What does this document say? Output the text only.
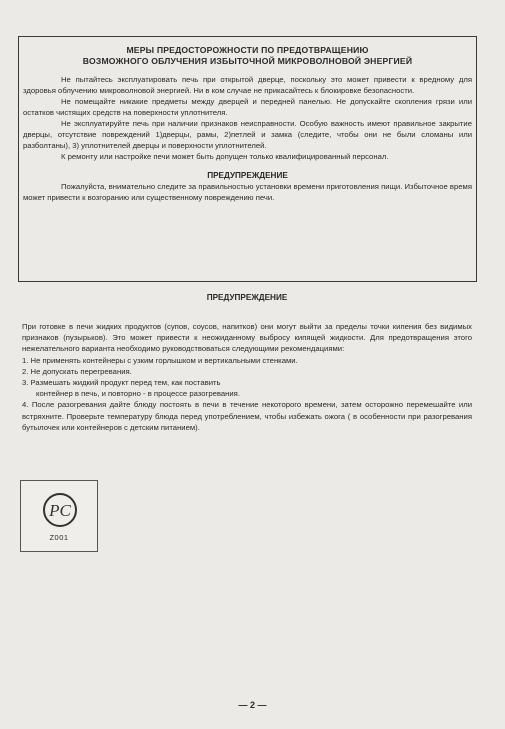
МЕРЫ ПРЕДОСТОРОЖНОСТИ ПО ПРЕДОТВРАЩЕНИЮ
ВОЗМОЖНОГО ОБЛУЧЕНИЯ ИЗБЫТОЧНОЙ МИКРОВОЛНОВОЙ ЭНЕРГИЕЙ

Не пытайтесь эксплуатировать печь при открытой дверце, поскольку это может привести к вредному для здоровья облучению микроволновой энергией. Ни в ком случае не прикасайтесь к блокировке безопасности.

Не помещайте никакие предметы между дверцей и передней панелью. Не допускайте скопления грязи или остатков чистящих средств на поверхности уплотнителя.

Не эксплуатируйте печь при наличии признаков неисправности. Особую важность имеют правильное закрытие дверцы, отсутствие повреждений 1)дверцы, рамы, 2)петлей и замка (следите, чтобы они не были сломаны или разболтаны), 3) уплотнителей дверцы и поверхности уплотнителей.

К ремонту или настройке печи может быть допущен только квалифицированный персонал.

ПРЕДУПРЕЖДЕНИЕ

Пожалуйста, внимательно следите за правильностью установки времени приготовления пищи. Избыточное время может привести к возгоранию или существенному повреждению печи.

ПРЕДУПРЕЖДЕНИЕ

При готовке в печи жидких продуктов (супов, соусов, напитков) они могут выйти за пределы точки кипения без видимых признаков (пузырьков). Это может привести к неожиданному выбросу кипящей жидкости. Для предотвращения этого нежелательного варианта необходимо руководствоваться следующими рекомендациями:

1. Не применять контейнеры с узким горлышком и вертикальными стенками.
2. Не допускать перегревания.
3. Размешать жидкий продукт перед тем, как поставить
контейнер в печь, и повторно - в процессе разогревания.
4. После разогревания дайте блюду постоять в печи в течение некоторого времени, затем осторожно перемешайте или встряхните. Проверьте температуру блюда перед употреблением, чтобы избежать ожога ( в особенности при разогревания бутылочек или контейнеров с детским питанием).
PC
Z001
— 2 —
